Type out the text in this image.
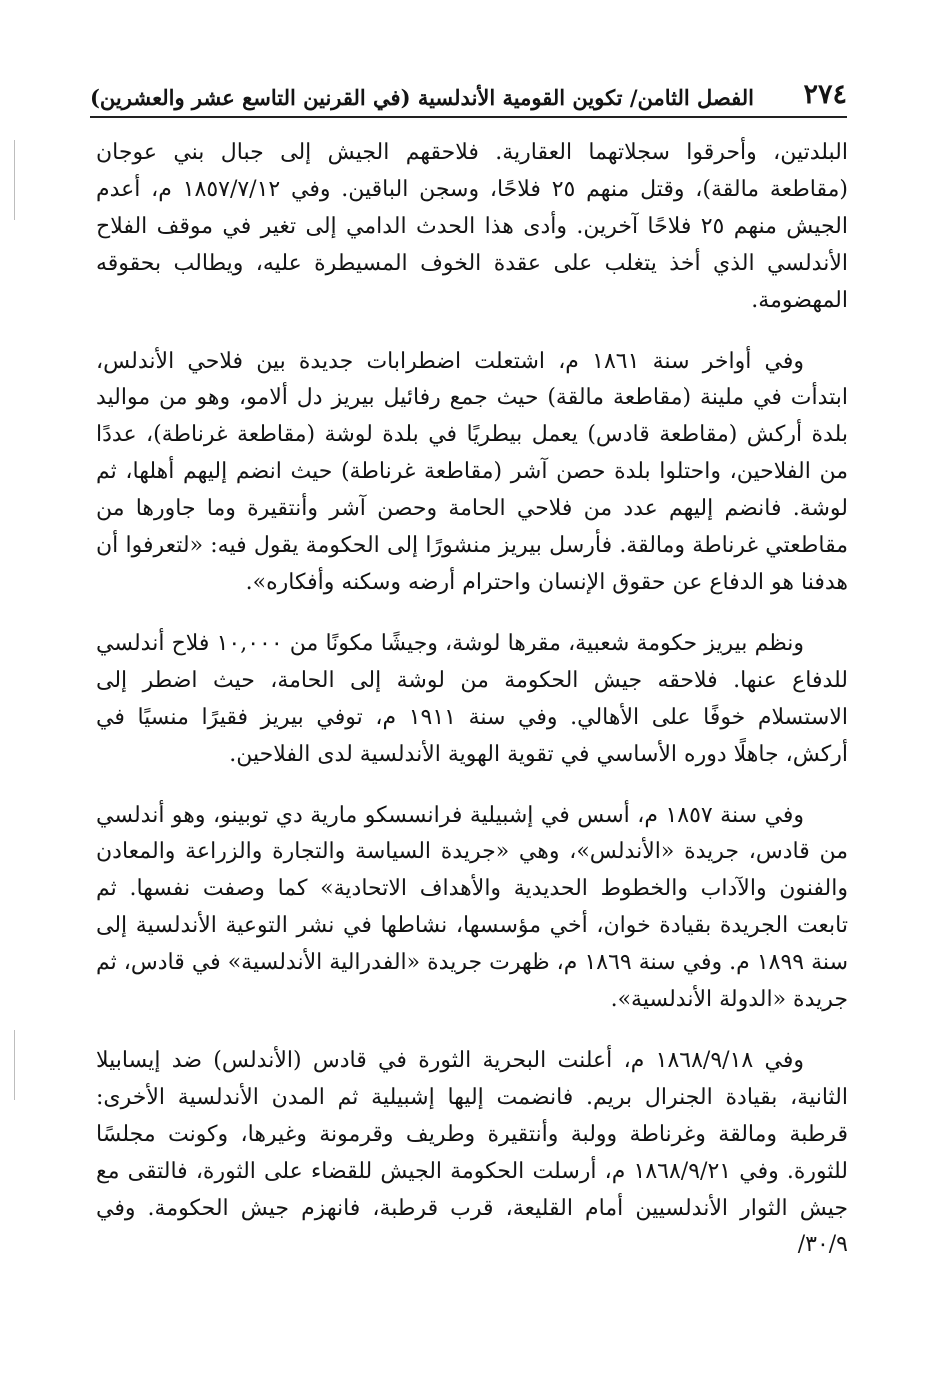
٢٧٤
الفصل الثامن/ تكوين القومية الأندلسية (في القرنين التاسع عشر والعشرين)

البلدتين، وأحرقوا سجلاتهما العقارية. فلاحقهم الجيش إلى جبال بني عوجان (مقاطعة مالقة)، وقتل منهم ٢٥ فلاحًا، وسجن الباقين. وفي ١٨٥٧/٧/١٢ م، أعدم الجيش منهم ٢٥ فلاحًا آخرين. وأدى هذا الحدث الدامي إلى تغير في موقف الفلاح الأندلسي الذي أخذ يتغلب على عقدة الخوف المسيطرة عليه، ويطالب بحقوقه المهضومة.

وفي أواخر سنة ١٨٦١ م، اشتعلت اضطرابات جديدة بين فلاحي الأندلس، ابتدأت في ملينة (مقاطعة مالقة) حيث جمع رفائيل بيريز دل ألامو، وهو من مواليد بلدة أركش (مقاطعة قادس) يعمل بيطريًا في بلدة لوشة (مقاطعة غرناطة)، عددًا من الفلاحين، واحتلوا بلدة حصن آشر (مقاطعة غرناطة) حيث انضم إليهم أهلها، ثم لوشة. فانضم إليهم عدد من فلاحي الحامة وحصن آشر وأنتقيرة وما جاورها من مقاطعتي غرناطة ومالقة. فأرسل بيريز منشورًا إلى الحكومة يقول فيه: «لتعرفوا أن هدفنا هو الدفاع عن حقوق الإنسان واحترام أرضه وسكنه وأفكاره».

ونظم بيريز حكومة شعبية، مقرها لوشة، وجيشًا مكونًا من ١٠,٠٠٠ فلاح أندلسي للدفاع عنها. فلاحقه جيش الحكومة من لوشة إلى الحامة، حيث اضطر إلى الاستسلام خوفًا على الأهالي. وفي سنة ١٩١١ م، توفي بيريز فقيرًا منسيًا في أركش، جاهلًا دوره الأساسي في تقوية الهوية الأندلسية لدى الفلاحين.

وفي سنة ١٨٥٧ م، أسس في إشبيلية فرانسسكو مارية دي توبينو، وهو أندلسي من قادس، جريدة «الأندلس»، وهي «جريدة السياسة والتجارة والزراعة والمعادن والفنون والآداب والخطوط الحديدية والأهداف الاتحادية» كما وصفت نفسها. ثم تابعت الجريدة بقيادة خوان، أخي مؤسسها، نشاطها في نشر التوعية الأندلسية إلى سنة ١٨٩٩ م. وفي سنة ١٨٦٩ م، ظهرت جريدة «الفدرالية الأندلسية» في قادس، ثم جريدة «الدولة الأندلسية».

وفي ١٨٦٨/٩/١٨ م، أعلنت البحرية الثورة في قادس (الأندلس) ضد إيسابيلا الثانية، بقيادة الجنرال بريم. فانضمت إليها إشبيلية ثم المدن الأندلسية الأخرى: قرطبة ومالقة وغرناطة وولبة وأنتقيرة وطريف وقرمونة وغيرها، وكونت مجلسًا للثورة. وفي ١٨٦٨/٩/٢١ م، أرسلت الحكومة الجيش للقضاء على الثورة، فالتقى مع جيش الثوار الأندلسيين أمام القليعة، قرب قرطبة، فانهزم جيش الحكومة. وفي ٣٠/٩/
